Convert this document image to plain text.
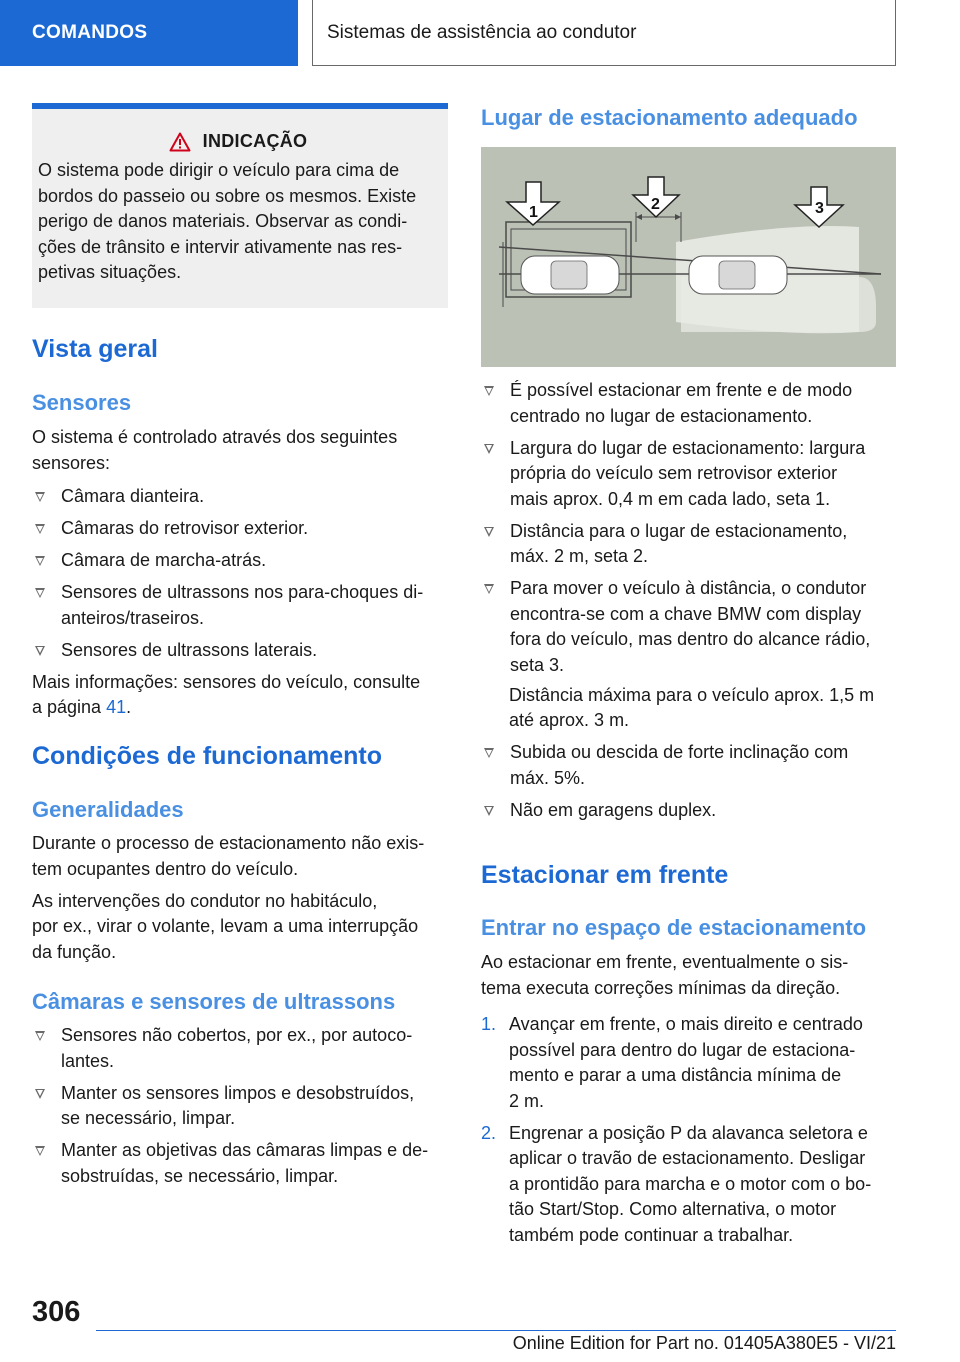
COMANDOS	Sistemas de assistência ao condutor
INDICAÇÃO
O sistema pode dirigir o veículo para cima de
bordos do passeio ou sobre os mesmos. Existe
perigo de danos materiais. Observar as condi-
ções de trânsito e intervir ativamente nas res-
petivas situações.
Vista geral
Sensores

O sistema é controlado através dos seguintes
sensores:

Câmara dianteira.
Câmaras do retrovisor exterior.
Câmara de marcha-atrás.
Sensores de ultrassons nos para-choques di-
anteiros/traseiros.
Sensores de ultrassons laterais.

Mais informações: sensores do veículo, consulte
a página 41.

Condições de funcionamento
Generalidades

Durante o processo de estacionamento não exis-
tem ocupantes dentro do veículo.

As intervenções do condutor no habitáculo,
por ex., virar o volante, levam a uma interrupção
da função.

Câmaras e sensores de ultrassons
Sensores não cobertos, por ex., por autoco-
lantes.
Manter os sensores limpos e desobstruídos,
se necessário, limpar.
Manter as objetivas das câmaras limpas e de-
sobstruídas, se necessário, limpar.
Lugar de estacionamento adequado
1	2	3
É possível estacionar em frente e de modo
centrado no lugar de estacionamento.
Largura do lugar de estacionamento: largura
própria do veículo sem retrovisor exterior
mais aprox. 0,4 m em cada lado, seta 1.
Distância para o lugar de estacionamento,
máx. 2 m, seta 2.
Para mover o veículo à distância, o condutor
encontra-se com a chave BMW com display
fora do veículo, mas dentro do alcance rádio,
seta 3.
Distância máxima para o veículo aprox. 1,5 m
até aprox. 3 m.
Subida ou descida de forte inclinação com
máx. 5%.
Não em garagens duplex.
Estacionar em frente
Entrar no espaço de estacionamento

Ao estacionar em frente, eventualmente o sis-
tema executa correções mínimas da direção.

1. Avançar em frente, o mais direito e centrado
possível para dentro do lugar de estaciona-
mento e parar a uma distância mínima de
2 m.
2. Engrenar a posição P da alavanca seletora e
aplicar o travão de estacionamento. Desligar
a prontidão para marcha e o motor com o bo-
tão Start/Stop. Como alternativa, o motor
também pode continuar a trabalhar.
306
Online Edition for Part no. 01405A380E5 - VI/21
